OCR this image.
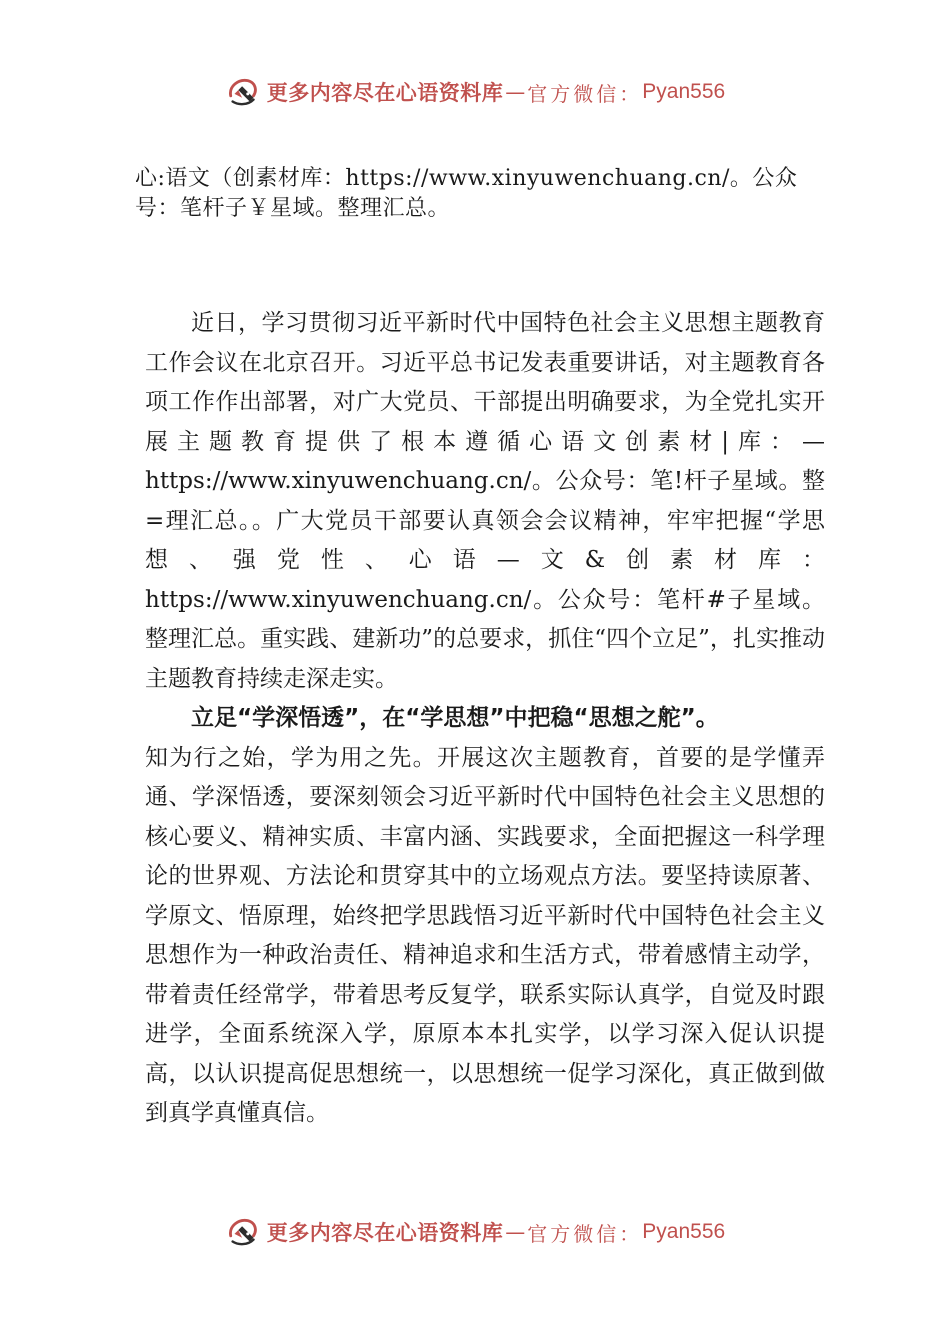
更多内容尽在心语资料库 — 官方微信： Pyan556
心:语文（创素材库：https://www.xinyuwenchuang.cn/。公众号：笔杆子￥星域。整理汇总。

近日，学习贯彻习近平新时代中国特色社会主义思想主题教育工作会议在北京召开。习近平总书记发表重要讲话，对主题教育各项工作作出部署，对广大党员、干部提出明确要求，为全党扎实开展主题教育提供了根本遵循心语文创素材|库：—https://www.xinyuwenchuang.cn/。公众号：笔!杆子星域。整=理汇总。。广大党员干部要认真领会会议精神，牢牢把握“学思想、强党性、心语—文&创素材库：https://www.xinyuwenchuang.cn/。公众号：笔杆#子星域。整理汇总。重实践、建新功”的总要求，抓住“四个立足”，扎实推动主题教育持续走深走实。

立足“学深悟透”，在“学思想”中把稳“思想之舵”。

知为行之始，学为用之先。开展这次主题教育，首要的是学懂弄通、学深悟透，要深刻领会习近平新时代中国特色社会主义思想的核心要义、精神实质、丰富内涵、实践要求，全面把握这一科学理论的世界观、方法论和贯穿其中的立场观点方法。要坚持读原著、学原文、悟原理，始终把学思践悟习近平新时代中国特色社会主义思想作为一种政治责任、精神追求和生活方式，带着感情主动学，带着责任经常学，带着思考反复学，联系实际认真学，自觉及时跟进学，全面系统深入学，原原本本扎实学，以学习深入促认识提高，以认识提高促思想统一，以思想统一促学习深化，真正做到做到真学真懂真信。

更多内容尽在心语资料库 — 官方微信： Pyan556
